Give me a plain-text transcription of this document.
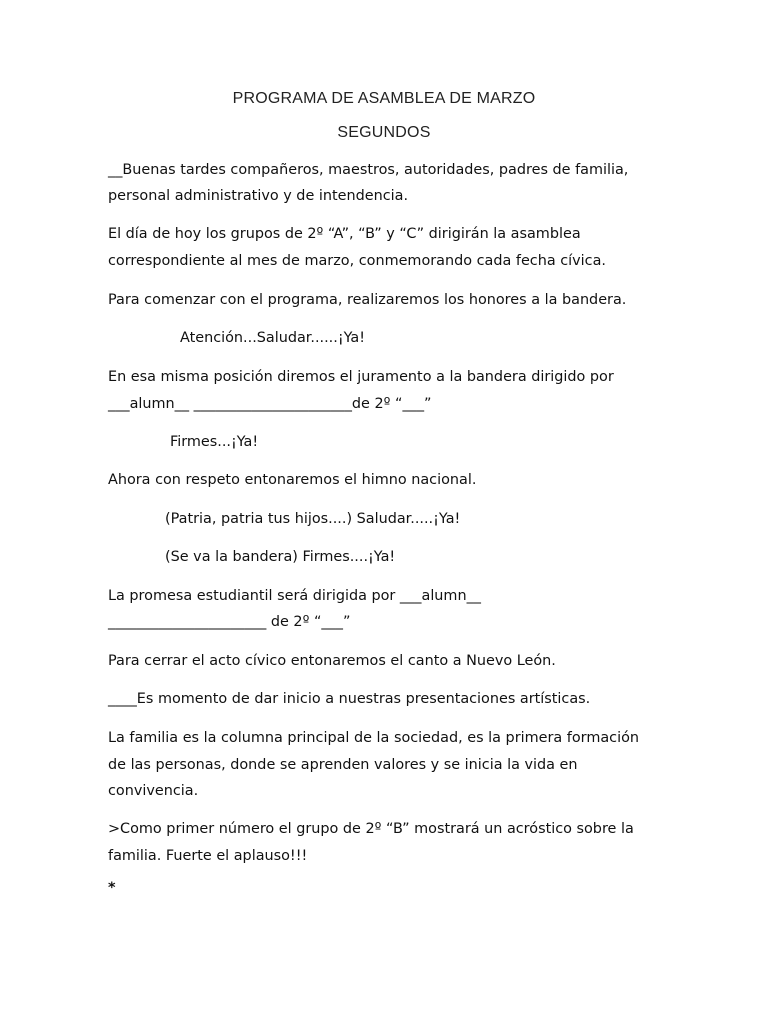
PROGRAMA DE ASAMBLEA DE MARZO
SEGUNDOS
__Buenas tardes compañeros, maestros, autoridades, padres de familia,
personal administrativo y de intendencia.
El día de hoy los grupos de 2º “A”, “B” y “C” dirigirán la asamblea
correspondiente al mes de marzo, conmemorando cada fecha cívica.
Para comenzar con el programa, realizaremos los honores a la bandera.
Atención...Saludar......¡Ya!
En esa misma posición diremos el juramento a la bandera dirigido por
___alumn__ ______________________de 2º “___”
Firmes...¡Ya!
Ahora con respeto entonaremos el himno nacional.
(Patria, patria tus hijos....) Saludar.....¡Ya!
(Se va la bandera) Firmes....¡Ya!
La promesa estudiantil será dirigida por ___alumn__
______________________ de 2º “___”
Para cerrar el acto cívico entonaremos el canto a Nuevo León.
____Es momento de dar inicio a nuestras presentaciones artísticas.
La familia es la columna principal de la sociedad, es la primera formación
de las personas, donde se aprenden valores y se inicia la vida en
convivencia.
>Como primer número el grupo de 2º “B” mostrará un acróstico sobre la
familia. Fuerte el aplauso!!!
*
